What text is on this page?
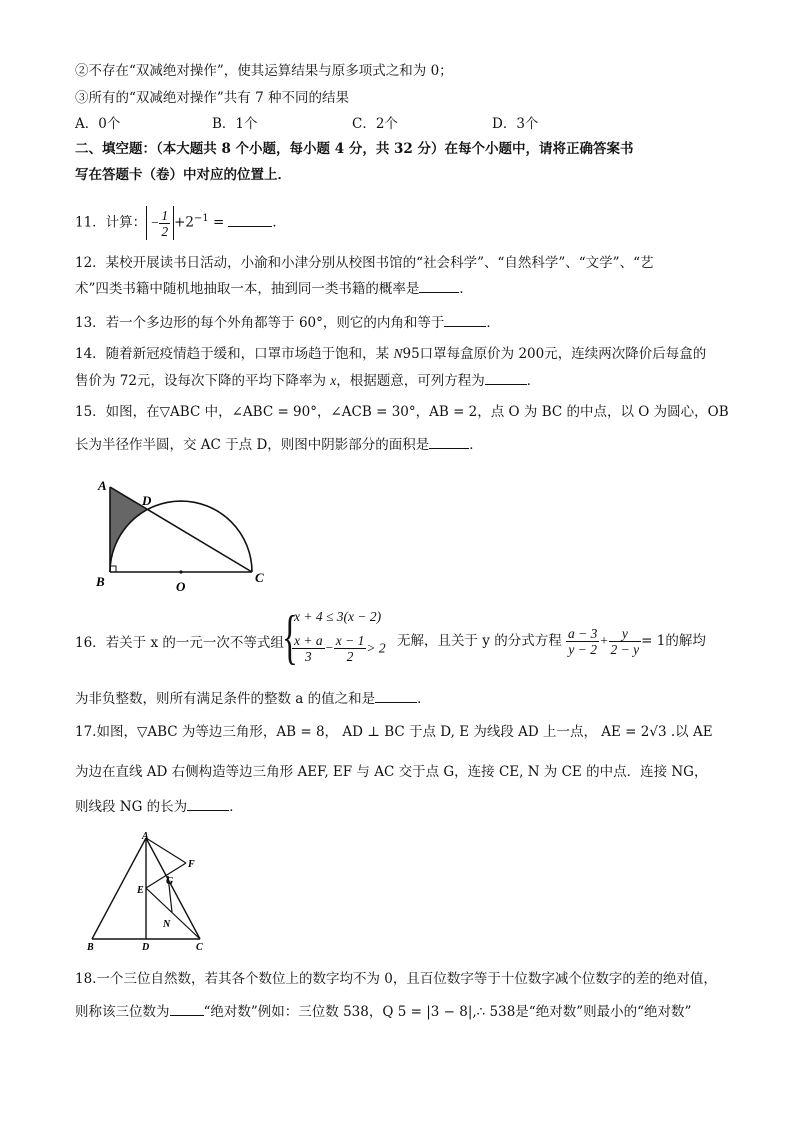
②不存在“双减绝对操作”，使其运算结果与原多项式之和为 0；
③所有的“双减绝对操作”共有 7 种不同的结果
A．0个	B．1个	C．2个	D．3个
二、填空题：（本大题共 8 个小题，每小题 4 分，共 32 分）在每个小题中，请将正确答案书
写在答题卡（卷）中对应的位置上．
11．计算： − $\frac{1}{2} +2^{-1}$ =	．
12．某校开展读书日活动，小渝和小津分别从校图书馆的“社会科学”、“自然科学”、“文学”、“艺
术”四类书籍中随机地抽取一本，抽到同一类书籍的概率是	．
13．若一个多边形的每个外角都等于 60°，则它的内角和等于	．
14．随着新冠疫情趋于缓和，口罩市场趋于饱和，某 N95口罩每盒原价为 200元，连续两次降价后每盒的
售价为 72元，设每次下降的平均下降率为 x，根据题意，可列方程为	．
15．如图，在▽ABC 中，∠ABC = 90°，∠ACB = 30°，AB = 2，点 O 为 BC 的中点，以 O 为圆心，OB
长为半径作半圆，交 AC 于点 D，则图中阴影部分的面积是	．
A
D
B	O
C
16．若关于 x 的一元一次不等式组
{
x + 4 ≤ 3(x − 2)
$\frac{x + a}{3} - \frac{x - 1}{2} > 2$ 无解，且关于 y 的分式方程 $\frac{a - 3}{y - 2} + \frac{y}{2 - y} = 1$的解均
为非负整数，则所有满足条件的整数 a 的值之和是	．
17.如图，▽ABC 为等边三角形，AB = 8， AD ⊥ BC 于点 D, E 为线段 AD 上一点， AE = 2√3 .以 AE
为边在直线 AD 右侧构造等边三角形 AEF, EF 与 AC 交于点 G，连接 CE, N 为 CE 的中点．连接 NG，
则线段 NG 的长为	．
A
F
G
E
N
B	D	C
18.一个三位自然数，若其各个数位上的数字均不为 0，且百位数字等于十位数字减个位数字的差的绝对值，
则称该三位数为	“绝对数”例如：三位数 538，Q 5 = |3 − 8|,∴ 538是“绝对数”则最小的“绝对数”
